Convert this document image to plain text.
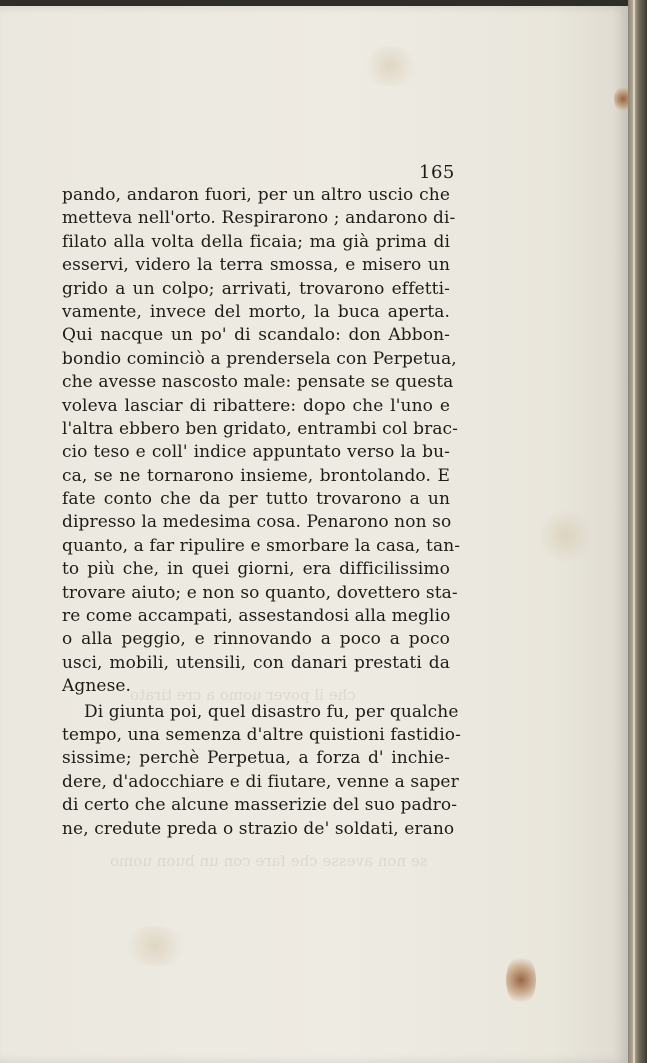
che il pover uomo a cre tirato
se non avesse che fare con un buon uomo
165
pando, andaron fuori, per un altro uscio che
metteva nell'orto. Respirarono ; andarono di-
filato alla volta della ficaia; ma già prima di
esservi, videro la terra smossa, e misero un
grido a un colpo; arrivati, trovarono effetti-
vamente, invece del morto, la buca aperta.
Qui nacque un po' di scandalo: don Abbon-
bondio cominciò a prendersela con Perpetua,
che avesse nascosto male: pensate se questa
voleva lasciar di ribattere: dopo che l'uno e
l'altra ebbero ben gridato, entrambi col brac-
cio teso e coll' indice appuntato verso la bu-
ca, se ne tornarono insieme, brontolando. E
fate conto che da per tutto trovarono a un
dipresso la medesima cosa. Penarono non so
quanto, a far ripulire e smorbare la casa, tan-
to più che, in quei giorni, era difficilissimo
trovare aiuto; e non so quanto, dovettero sta-
re come accampati, assestandosi alla meglio
o alla peggio, e rinnovando a poco a poco
usci, mobili, utensili, con danari prestati da
Agnese.
Di giunta poi, quel disastro fu, per qualche
tempo, una semenza d'altre quistioni fastidio-
sissime; perchè Perpetua, a forza d' inchie-
dere, d'adocchiare e di fiutare, venne a saper
di certo che alcune masserizie del suo padro-
ne, credute preda o strazio de' soldati, erano
